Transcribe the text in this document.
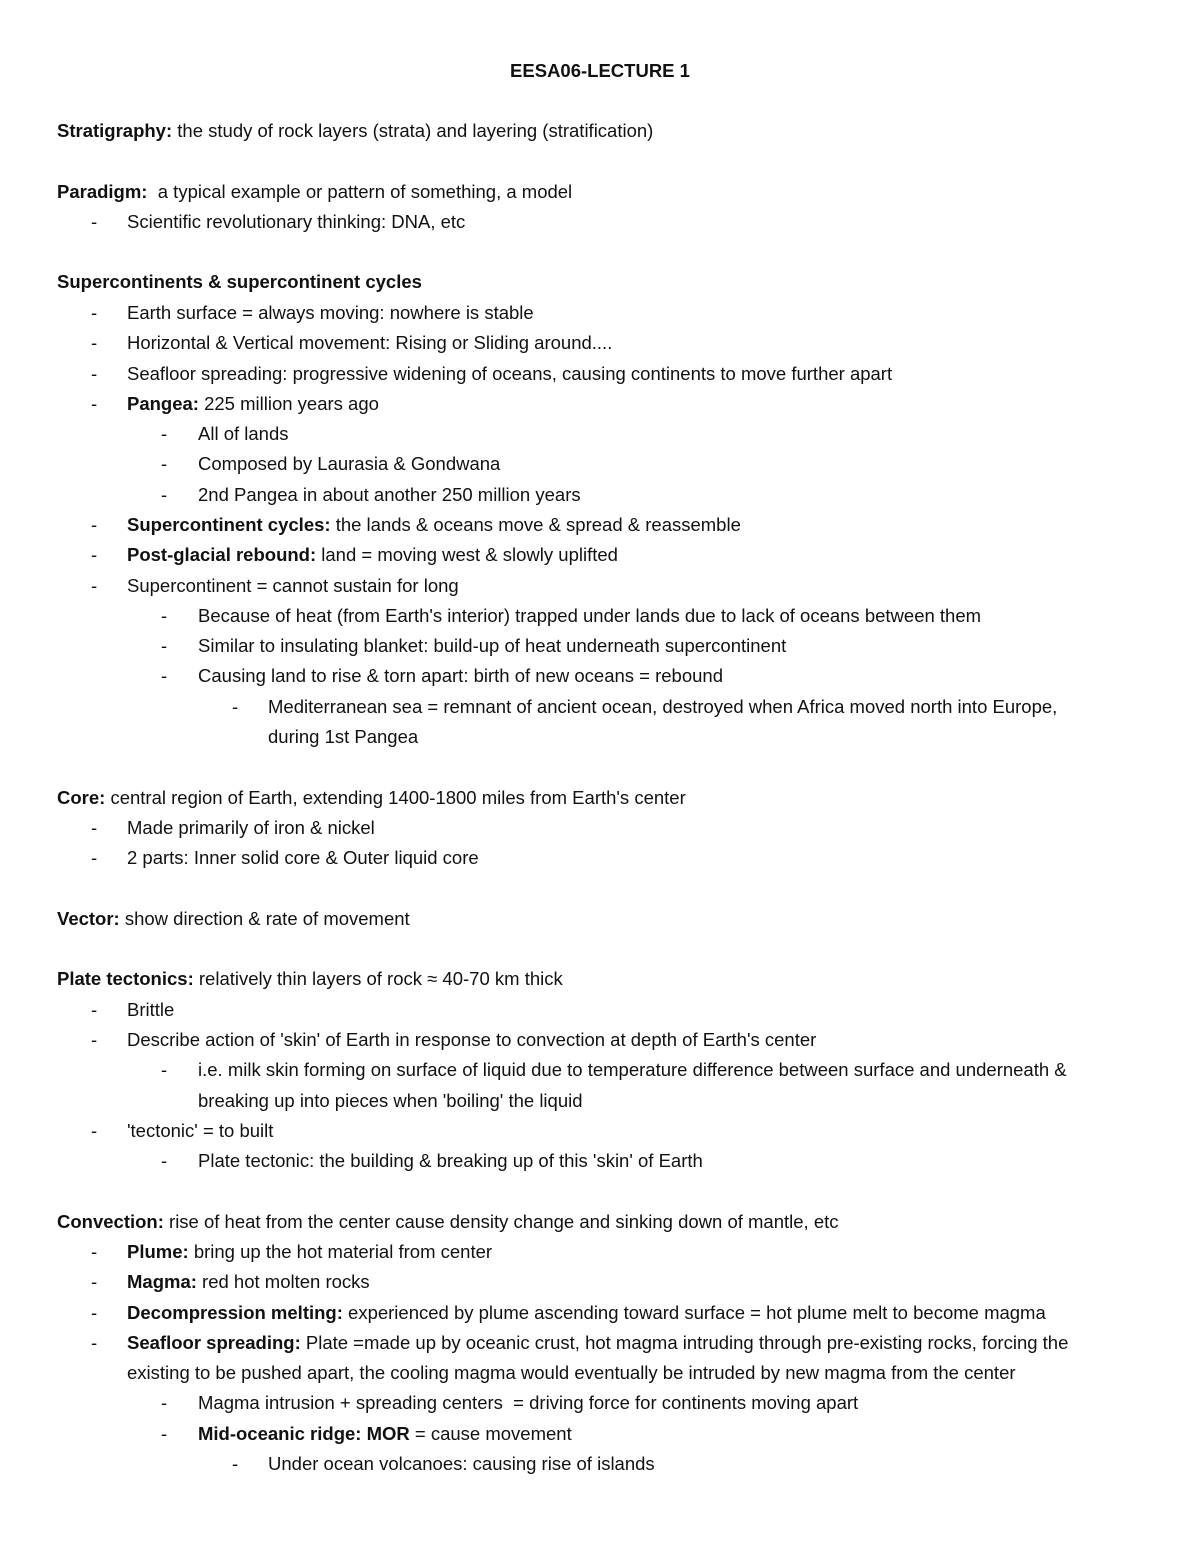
EESA06-LECTURE 1
Stratigraphy: the study of rock layers (strata) and layering (stratification)
Paradigm:  a typical example or pattern of something, a model
- Scientific revolutionary thinking: DNA, etc
Supercontinents & supercontinent cycles
- Earth surface = always moving: nowhere is stable
- Horizontal & Vertical movement: Rising or Sliding around....
- Seafloor spreading: progressive widening of oceans, causing continents to move further apart
- Pangea: 225 million years ago
- All of lands
- Composed by Laurasia & Gondwana
- 2nd Pangea in about another 250 million years
- Supercontinent cycles: the lands & oceans move & spread & reassemble
- Post-glacial rebound: land = moving west & slowly uplifted
- Supercontinent = cannot sustain for long
- Because of heat (from Earth's interior) trapped under lands due to lack of oceans between them
- Similar to insulating blanket: build-up of heat underneath supercontinent
- Causing land to rise & torn apart: birth of new oceans = rebound
- Mediterranean sea = remnant of ancient ocean, destroyed when Africa moved north into Europe,
during 1st Pangea
Core: central region of Earth, extending 1400-1800 miles from Earth's center
- Made primarily of iron & nickel
- 2 parts: Inner solid core & Outer liquid core
Vector: show direction & rate of movement
Plate tectonics: relatively thin layers of rock ≈ 40-70 km thick
- Brittle
- Describe action of 'skin' of Earth in response to convection at depth of Earth's center
- i.e. milk skin forming on surface of liquid due to temperature difference between surface and underneath &
breaking up into pieces when 'boiling' the liquid
- 'tectonic' = to built
- Plate tectonic: the building & breaking up of this 'skin' of Earth
Convection: rise of heat from the center cause density change and sinking down of mantle, etc
- Plume: bring up the hot material from center
- Magma: red hot molten rocks
- Decompression melting: experienced by plume ascending toward surface = hot plume melt to become magma
- Seafloor spreading: Plate =made up by oceanic crust, hot magma intruding through pre-existing rocks, forcing the
existing to be pushed apart, the cooling magma would eventually be intruded by new magma from the center
- Magma intrusion + spreading centers  = driving force for continents moving apart
- Mid-oceanic ridge: MOR = cause movement
- Under ocean volcanoes: causing rise of islands
